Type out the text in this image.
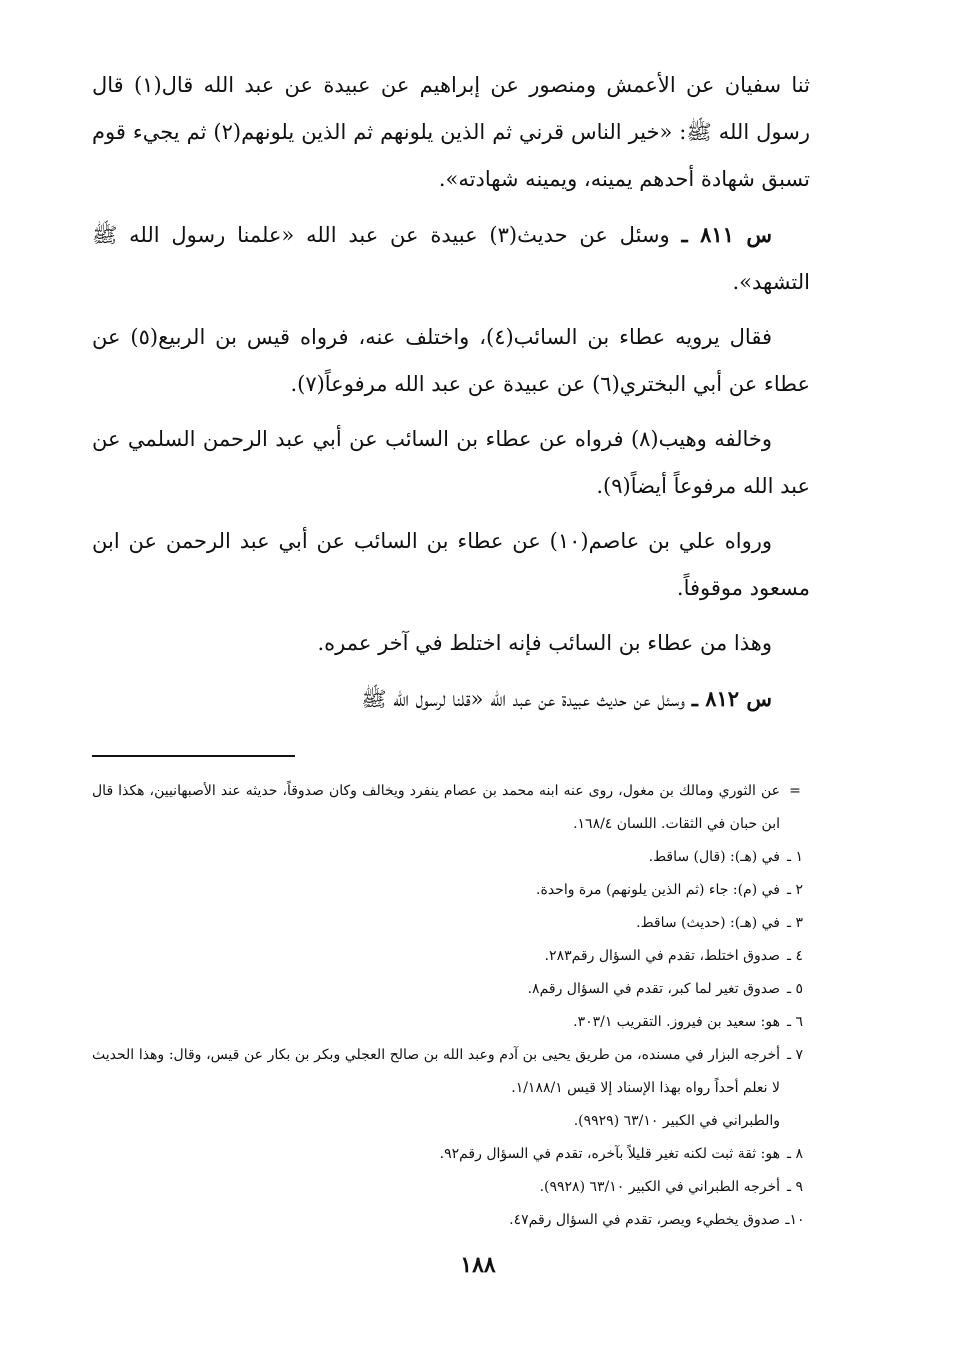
ثنا سفيان عن الأعمش ومنصور عن إبراهيم عن عبيدة عن عبد الله قال(١) قال رسول الله ﷺ: «خير الناس قرني ثم الذين يلونهم ثم الذين يلونهم(٢) ثم يجيء قوم تسبق شهادة أحدهم يمينه، ويمينه شهادته».

س ٨١١ ـ وسئل عن حديث(٣) عبيدة عن عبد الله «علمنا رسول الله ﷺ التشهد».

فقال يرويه عطاء بن السائب(٤)، واختلف عنه، فرواه قيس بن الربيع(٥) عن عطاء عن أبي البختري(٦) عن عبيدة عن عبد الله مرفوعاً(٧).

وخالفه وهيب(٨) فرواه عن عطاء بن السائب عن أبي عبد الرحمن السلمي عن عبد الله مرفوعاً أيضاً(٩).

ورواه علي بن عاصم(١٠) عن عطاء بن السائب عن أبي عبد الرحمن عن ابن مسعود موقوفاً.

وهذا من عطاء بن السائب فإنه اختلط في آخر عمره.

س ٨١٢ ـ وسئل عن حديث عبيدة عن عبد الله «قلنا لرسول الله ﷺ

=
عن الثوري ومالك بن مغول، روى عنه ابنه محمد بن عصام ينفرد ويخالف وكان صدوقاً، حديثه عند الأصبهانيين، هكذا قال ابن حبان في الثقات. اللسان ١٦٨/٤.
١ ـ
في (هـ): (قال) ساقط.
٢ ـ
في (م): جاء (ثم الذين يلونهم) مرة واحدة.
٣ ـ
في (هـ): (حديث) ساقط.
٤ ـ
صدوق اختلط، تقدم في السؤال رقم٢٨٣.
٥ ـ
صدوق تغير لما كبر، تقدم في السؤال رقم٨.
٦ ـ
هو: سعيد بن فيروز. التقريب ٣٠٣/١.
٧ ـ
أخرجه البزار في مسنده، من طريق يحيى بن آدم وعبد الله بن صالح العجلي وبكر بن بكار عن قيس، وقال: وهذا الحديث لا نعلم أحداً رواه بهذا الإسناد إلا قيس ١/١٨٨/١.
والطبراني في الكبير ٦٣/١٠ (٩٩٢٩).
٨ ـ
هو: ثقة ثبت لكنه تغير قليلاً بآخره، تقدم في السؤال رقم٩٢.
٩ ـ
أخرجه الطبراني في الكبير ٦٣/١٠ (٩٩٢٨).
١٠ـ
صدوق يخطيء ويصر، تقدم في السؤال رقم٤٧.
١٨٨
